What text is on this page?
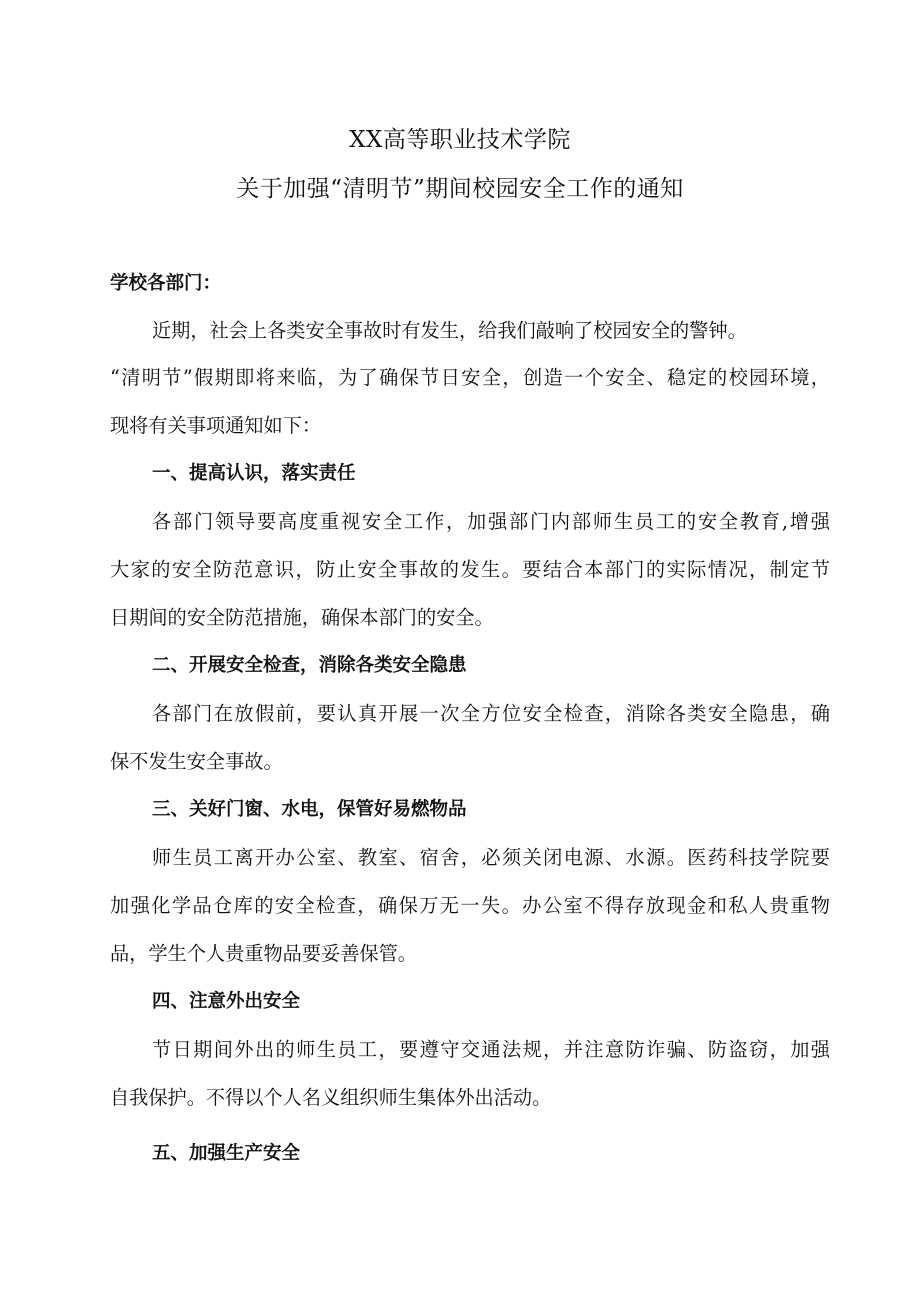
XX高等职业技术学院
关于加强“清明节”期间校园安全工作的通知
学校各部门：
近期，社会上各类安全事故时有发生，给我们敲响了校园安全的警钟。
“清明节”假期即将来临，为了确保节日安全，创造一个安全、稳定的校园环境，
现将有关事项通知如下：
一、提高认识，落实责任
各部门领导要高度重视安全工作，加强部门内部师生员工的安全教育,增强
大家的安全防范意识，防止安全事故的发生。要结合本部门的实际情况，制定节
日期间的安全防范措施，确保本部门的安全。
二、开展安全检查，消除各类安全隐患
各部门在放假前，要认真开展一次全方位安全检查，消除各类安全隐患，确
保不发生安全事故。
三、关好门窗、水电，保管好易燃物品
师生员工离开办公室、教室、宿舍，必须关闭电源、水源。医药科技学院要
加强化学品仓库的安全检查，确保万无一失。办公室不得存放现金和私人贵重物
品，学生个人贵重物品要妥善保管。
四、注意外出安全
节日期间外出的师生员工，要遵守交通法规，并注意防诈骗、防盗窃，加强
自我保护。不得以个人名义组织师生集体外出活动。
五、加强生产安全
